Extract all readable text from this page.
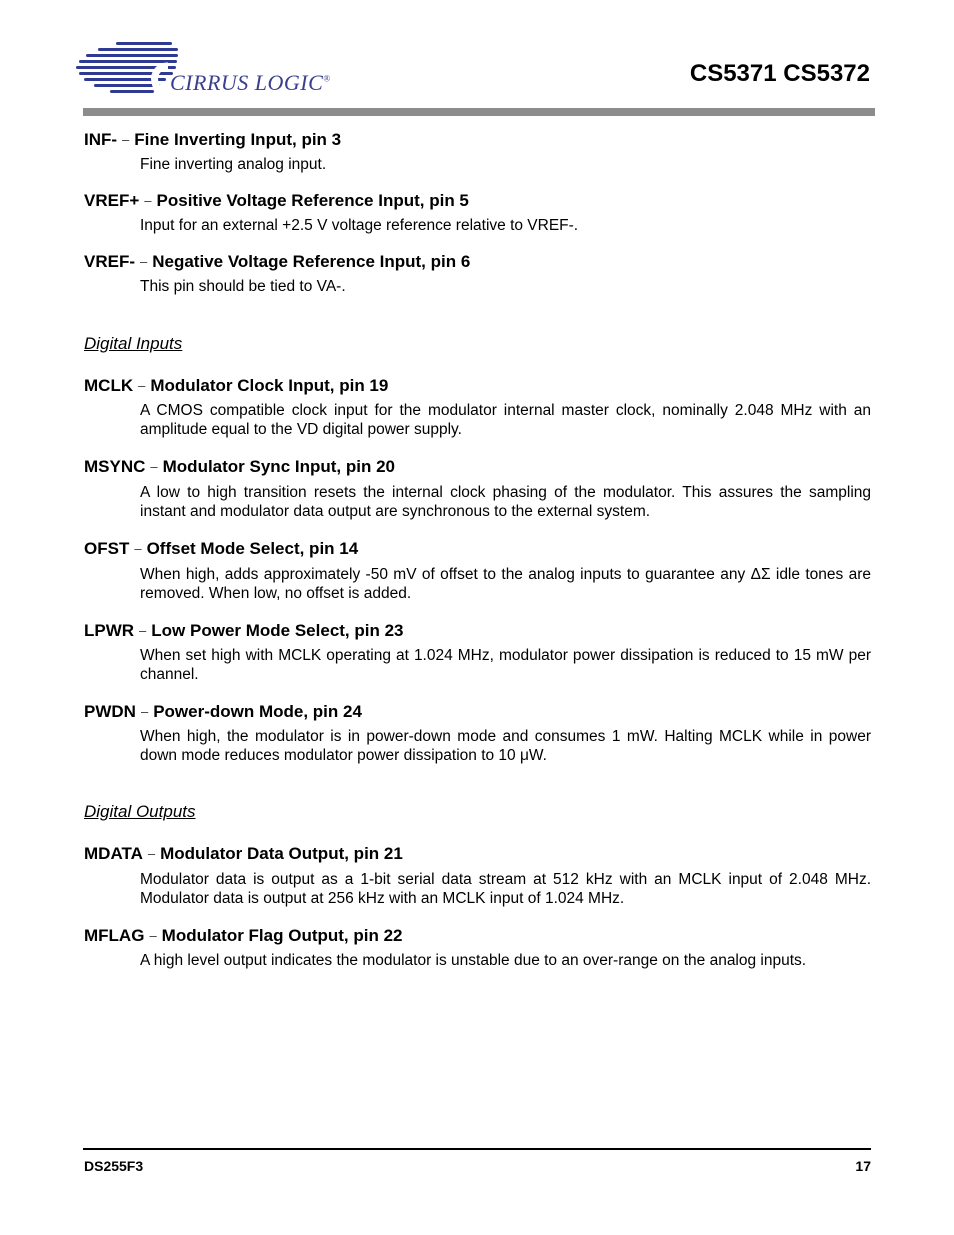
CIRRUS LOGIC®	CS5371 CS5372
INF- – Fine Inverting Input, pin 3
Fine inverting analog input.
VREF+ – Positive Voltage Reference Input, pin 5
Input for an external +2.5 V voltage reference relative to VREF-.
VREF- – Negative Voltage Reference Input, pin 6
This pin should be tied to VA-.
Digital Inputs
MCLK – Modulator Clock Input, pin 19
A CMOS compatible clock input for the modulator internal master clock, nominally 2.048 MHz with an amplitude equal to the VD digital power supply.
MSYNC – Modulator Sync Input, pin 20
A low to high transition resets the internal clock phasing of the modulator. This assures the sampling instant and modulator data output are synchronous to the external system.
OFST – Offset Mode Select, pin 14
When high, adds approximately -50 mV of offset to the analog inputs to guarantee any ΔΣ idle tones are removed. When low, no offset is added.
LPWR – Low Power Mode Select, pin 23
When set high with MCLK operating at 1.024 MHz, modulator power dissipation is reduced to 15 mW per channel.
PWDN – Power-down Mode, pin 24
When high, the modulator is in power-down mode and consumes 1 mW. Halting MCLK while in power down mode reduces modulator power dissipation to 10 μW.
Digital Outputs
MDATA – Modulator Data Output, pin 21
Modulator data is output as a 1-bit serial data stream at 512 kHz with an MCLK input of 2.048 MHz. Modulator data is output at 256 kHz with an MCLK input of 1.024 MHz.
MFLAG – Modulator Flag Output, pin 22
A high level output indicates the modulator is unstable due to an over-range on the analog inputs.
DS255F3	17
